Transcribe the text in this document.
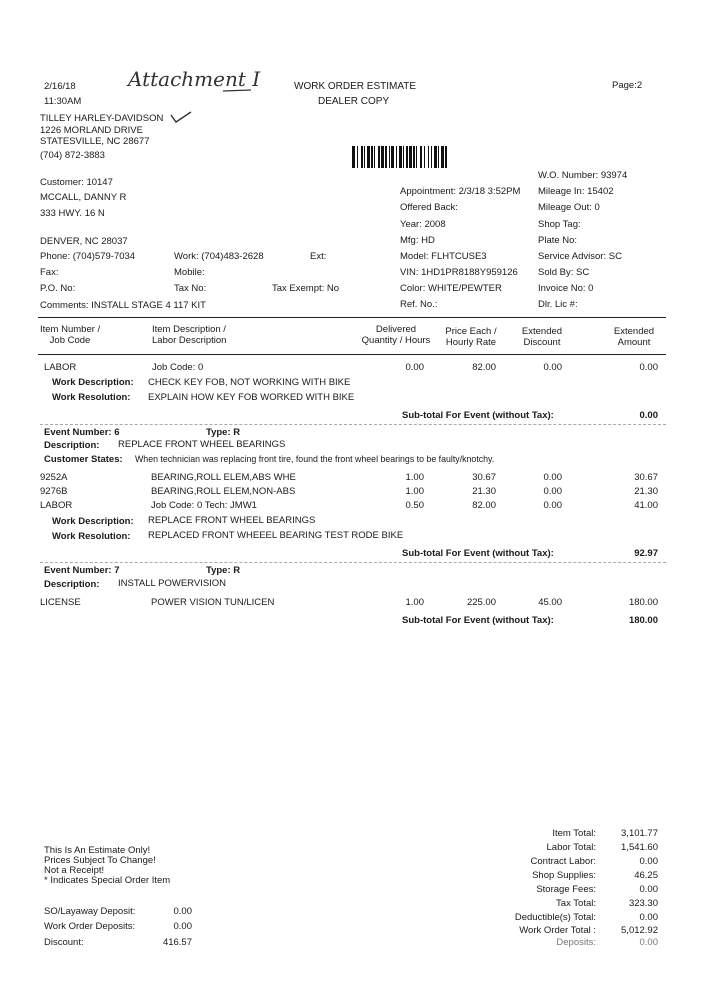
2/16/18
11:30AM
Attachment I	WORK ORDER ESTIMATE
DEALER COPY
Page:2
TILLEY HARLEY-DAVIDSON
1226 MORLAND DRIVE
STATESVILLE, NC 28677
(704) 872-3883
Customer: 10147
MCCALL, DANNY R
333 HWY. 16 N
DENVER, NC 28037
Phone: (704)579-7034	Work: (704)483-2628	Ext:
Fax:	Mobile:
P.O. No:	Tax No:	Tax Exempt: No
Comments: INSTALL STAGE 4 117 KIT
Appointment: 2/3/18 3:52PM
Offered Back:
Year: 2008
Mfg: HD
Model: FLHTCUSE3
VIN: 1HD1PR8188Y959126
Color: WHITE/PEWTER
Ref. No.:
W.O. Number: 93974
Mileage In: 15402
Mileage Out: 0
Shop Tag:
Plate No:
Service Advisor: SC
Sold By: SC
Invoice No: 0
Dlr. Lic #:
Item Number /
Job Code
Item Description /
Labor Description
Delivered
Quantity / Hours
Price Each /
Hourly Rate
Extended
Discount
Extended
Amount
LABOR	Job Code: 0	0.00	82.00	0.00	0.00
Work Description: CHECK KEY FOB, NOT WORKING WITH BIKE
Work Resolution: EXPLAIN HOW KEY FOB WORKED WITH BIKE
Sub-total For Event (without Tax):	0.00
Event Number: 6	Type: R
Description: REPLACE FRONT WHEEL BEARINGS
Customer States: When technician was replacing front tire, found the front wheel bearings to be faulty/knotchy.
9252A	BEARING,ROLL ELEM,ABS WHE	1.00	30.67	0.00	30.67
9276B	BEARING,ROLL ELEM,NON-ABS	1.00	21.30	0.00	21.30
LABOR	Job Code: 0 Tech: JMW1	0.50	82.00	0.00	41.00
Work Description: REPLACE FRONT WHEEL BEARINGS
Work Resolution: REPLACED FRONT WHEEEL BEARING TEST RODE BIKE
Sub-total For Event (without Tax):	92.97
Event Number: 7	Type: R
Description: INSTALL POWERVISION
LICENSE	POWER VISION TUN/LICEN	1.00	225.00	45.00	180.00
Sub-total For Event (without Tax):	180.00
This Is An Estimate Only!
Prices Subject To Change!
Not a Receipt!
* Indicates Special Order Item
SO/Layaway Deposit:	0.00
Work Order Deposits:	0.00
Discount:	416.57
Item Total:	3,101.77
Labor Total:	1,541.60
Contract Labor:	0.00
Shop Supplies:	46.25
Storage Fees:	0.00
Tax Total:	323.30
Deductible(s) Total:	0.00
Work Order Total :	5,012.92
Deposits:	0.00
